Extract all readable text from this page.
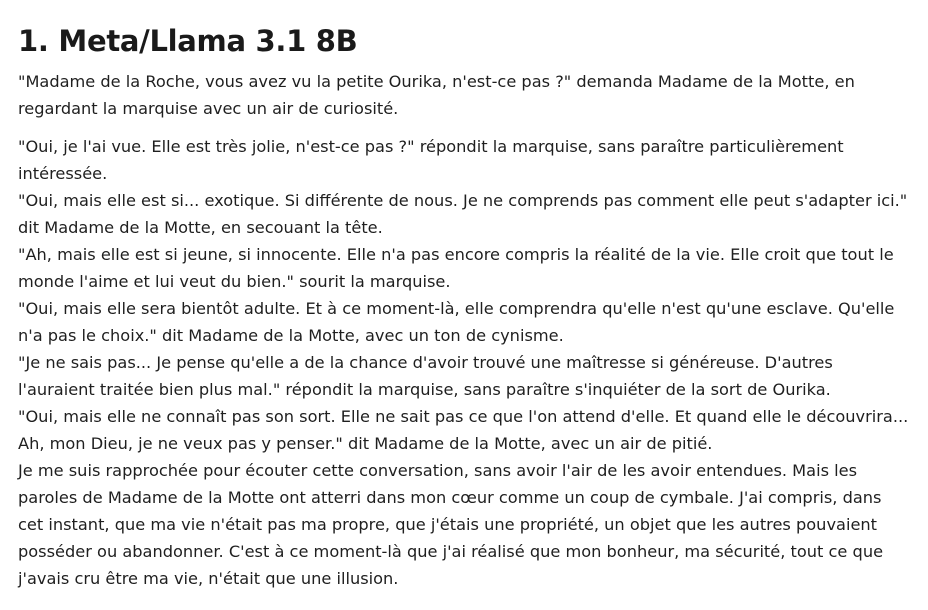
1. Meta/Llama 3.1 8B

"Madame de la Roche, vous avez vu la petite Ourika, n'est-ce pas ?" demanda Madame de la Motte, en regardant la marquise avec un air de curiosité.

"Oui, je l'ai vue. Elle est très jolie, n'est-ce pas ?" répondit la marquise, sans paraître particulièrement intéressée.
"Oui, mais elle est si... exotique. Si différente de nous. Je ne comprends pas comment elle peut s'adapter ici." dit Madame de la Motte, en secouant la tête.
"Ah, mais elle est si jeune, si innocente. Elle n'a pas encore compris la réalité de la vie. Elle croit que tout le monde l'aime et lui veut du bien." sourit la marquise.
"Oui, mais elle sera bientôt adulte. Et à ce moment-là, elle comprendra qu'elle n'est qu'une esclave. Qu'elle n'a pas le choix." dit Madame de la Motte, avec un ton de cynisme.
"Je ne sais pas... Je pense qu'elle a de la chance d'avoir trouvé une maîtresse si généreuse. D'autres l'auraient traitée bien plus mal." répondit la marquise, sans paraître s'inquiéter de la sort de Ourika.
"Oui, mais elle ne connaît pas son sort. Elle ne sait pas ce que l'on attend d'elle. Et quand elle le découvrira... Ah, mon Dieu, je ne veux pas y penser." dit Madame de la Motte, avec un air de pitié.
Je me suis rapprochée pour écouter cette conversation, sans avoir l'air de les avoir entendues. Mais les paroles de Madame de la Motte ont atterri dans mon cœur comme un coup de cymbale. J'ai compris, dans cet instant, que ma vie n'était pas ma propre, que j'étais une propriété, un objet que les autres pouvaient posséder ou abandonner. C'est à ce moment-là que j'ai réalisé que mon bonheur, ma sécurité, tout ce que j'avais cru être ma vie, n'était que une illusion.
